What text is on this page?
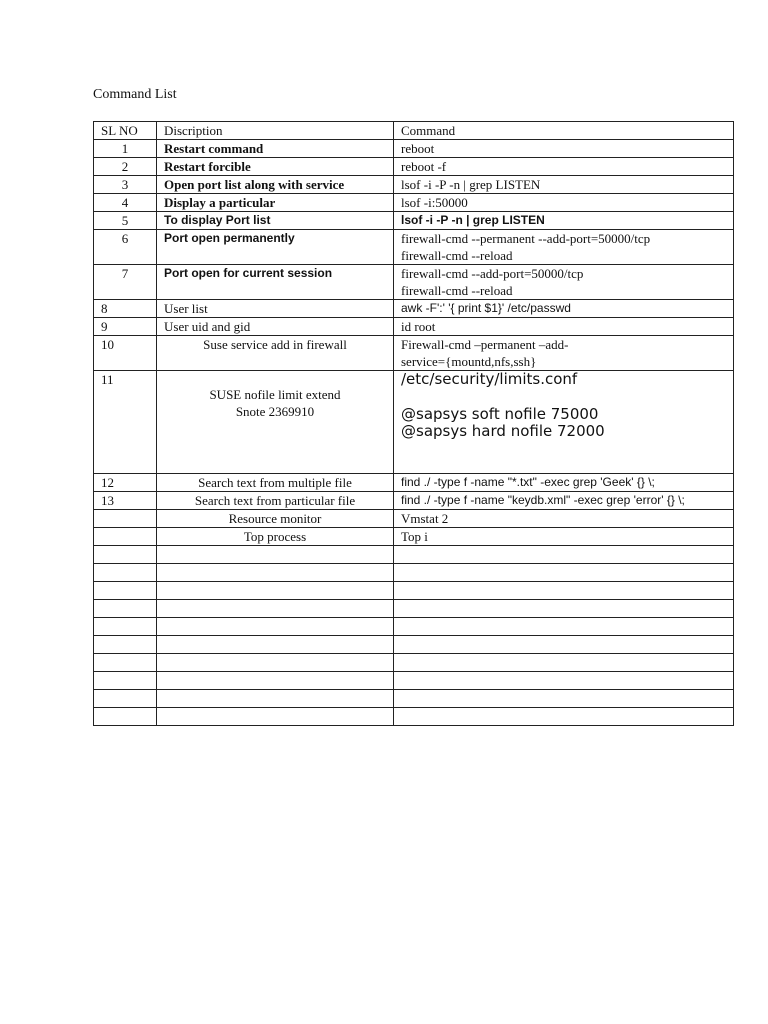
Command List
SL NO	Discription	Command
1	Restart command	reboot
2	Restart forcible	reboot -f
3	Open port list along with service	lsof -i -P -n | grep LISTEN
4	Display a particular	lsof -i:50000
5	To display Port list	lsof -i -P -n | grep LISTEN
6	Port open permanently	firewall-cmd --permanent --add-port=50000/tcp
firewall-cmd --reload

7	Port open for current session	firewall-cmd --add-port=50000/tcp
firewall-cmd --reload

8	User list	awk -F':' '{ print $1}' /etc/passwd
9	User uid and gid	id root
10	Suse service add in firewall	Firewall-cmd –permanent –add-
service={mountd,nfs,ssh}

11	SUSE nofile limit extend
Snote 2369910	/etc/security/limits.conf
@sapsys soft nofile 75000
@sapsys hard nofile 72000

12	Search text from multiple file	find ./ -type f -name "*.txt" -exec grep 'Geek' {} \;
13	Search text from particular file	find ./ -type f -name "keydb.xml" -exec grep 'error' {} \;
	Resource monitor	Vmstat 2
	Top process	Top i
